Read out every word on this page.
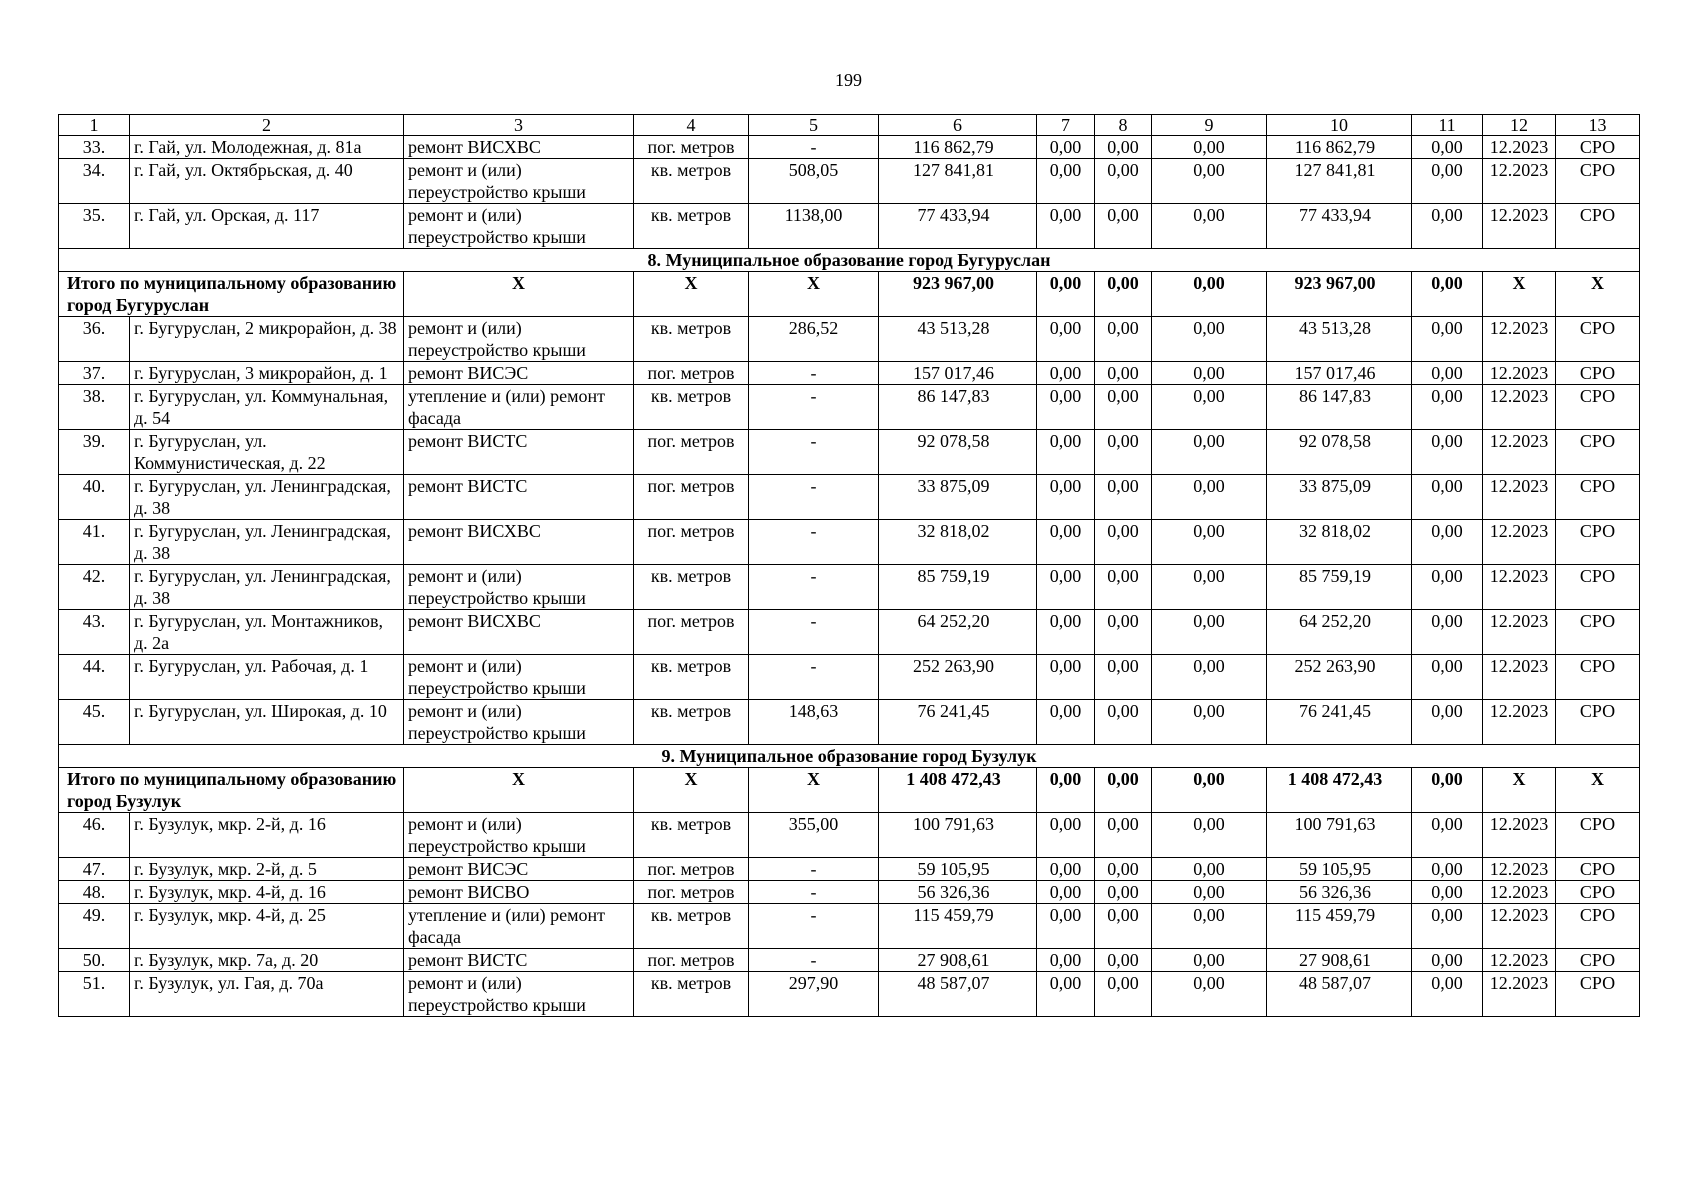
199
1	2	3	4	5	6	7	8	9	10	11	12	13
33.	г. Гай, ул. Молодежная, д. 81а	ремонт ВИСХВС	пог. метров	-	116 862,79	0,00	0,00	0,00	116 862,79	0,00	12.2023	СРО
34.	г. Гай, ул. Октябрьская, д. 40	ремонт и (или) переустройство крыши	кв. метров	508,05	127 841,81	0,00	0,00	0,00	127 841,81	0,00	12.2023	СРО
35.	г. Гай, ул. Орская, д. 117	ремонт и (или) переустройство крыши	кв. метров	1138,00	77 433,94	0,00	0,00	0,00	77 433,94	0,00	12.2023	СРО
8. Муниципальное образование город Бугуруслан												
Итого по муниципальному образованию город Бугуруслан		X	X	X	923 967,00	0,00	0,00	0,00	923 967,00	0,00	X	X
36.	г. Бугуруслан, 2 микрорайон, д. 38	ремонт и (или) переустройство крыши	кв. метров	286,52	43 513,28	0,00	0,00	0,00	43 513,28	0,00	12.2023	СРО
37.	г. Бугуруслан, 3 микрорайон, д. 1	ремонт ВИСЭС	пог. метров	-	157 017,46	0,00	0,00	0,00	157 017,46	0,00	12.2023	СРО
38.	г. Бугуруслан, ул. Коммунальная, д. 54	утепление и (или) ремонт фасада	кв. метров	-	86 147,83	0,00	0,00	0,00	86 147,83	0,00	12.2023	СРО
39.	г. Бугуруслан, ул. Коммунистическая, д. 22	ремонт ВИСТС	пог. метров	-	92 078,58	0,00	0,00	0,00	92 078,58	0,00	12.2023	СРО
40.	г. Бугуруслан, ул. Ленинградская, д. 38	ремонт ВИСТС	пог. метров	-	33 875,09	0,00	0,00	0,00	33 875,09	0,00	12.2023	СРО
41.	г. Бугуруслан, ул. Ленинградская, д. 38	ремонт ВИСХВС	пог. метров	-	32 818,02	0,00	0,00	0,00	32 818,02	0,00	12.2023	СРО
42.	г. Бугуруслан, ул. Ленинградская, д. 38	ремонт и (или) переустройство крыши	кв. метров	-	85 759,19	0,00	0,00	0,00	85 759,19	0,00	12.2023	СРО
43.	г. Бугуруслан, ул. Монтажников, д. 2а	ремонт ВИСХВС	пог. метров	-	64 252,20	0,00	0,00	0,00	64 252,20	0,00	12.2023	СРО
44.	г. Бугуруслан, ул. Рабочая, д. 1	ремонт и (или) переустройство крыши	кв. метров	-	252 263,90	0,00	0,00	0,00	252 263,90	0,00	12.2023	СРО
45.	г. Бугуруслан, ул. Широкая, д. 10	ремонт и (или) переустройство крыши	кв. метров	148,63	76 241,45	0,00	0,00	0,00	76 241,45	0,00	12.2023	СРО
9. Муниципальное образование город Бузулук												
Итого по муниципальному образованию город Бузулук		X	X	X	1 408 472,43	0,00	0,00	0,00	1 408 472,43	0,00	X	X
46.	г. Бузулук, мкр. 2-й, д. 16	ремонт и (или) переустройство крыши	кв. метров	355,00	100 791,63	0,00	0,00	0,00	100 791,63	0,00	12.2023	СРО
47.	г. Бузулук, мкр. 2-й, д. 5	ремонт ВИСЭС	пог. метров	-	59 105,95	0,00	0,00	0,00	59 105,95	0,00	12.2023	СРО
48.	г. Бузулук, мкр. 4-й, д. 16	ремонт ВИСВО	пог. метров	-	56 326,36	0,00	0,00	0,00	56 326,36	0,00	12.2023	СРО
49.	г. Бузулук, мкр. 4-й, д. 25	утепление и (или) ремонт фасада	кв. метров	-	115 459,79	0,00	0,00	0,00	115 459,79	0,00	12.2023	СРО
50.	г. Бузулук, мкр. 7а, д. 20	ремонт ВИСТС	пог. метров	-	27 908,61	0,00	0,00	0,00	27 908,61	0,00	12.2023	СРО
51.	г. Бузулук, ул. Гая, д. 70а	ремонт и (или) переустройство крыши	кв. метров	297,90	48 587,07	0,00	0,00	0,00	48 587,07	0,00	12.2023	СРО
